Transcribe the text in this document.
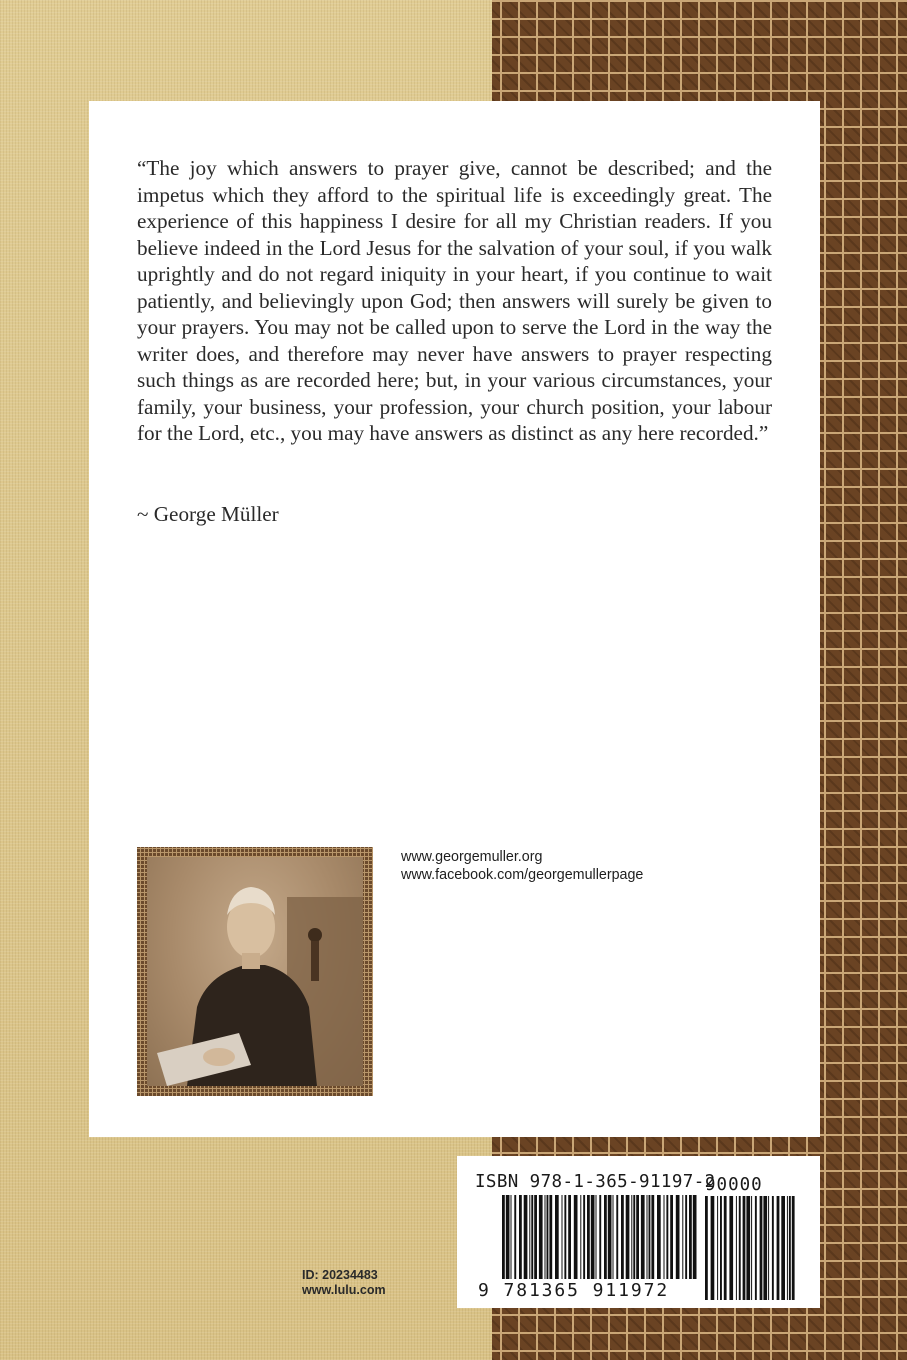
“The joy which answers to prayer give, cannot be described; and the impetus which they afford to the spiritual life is exceedingly great. The experience of this happiness I desire for all my Christian readers. If you believe indeed in the Lord Jesus for the salvation of your soul, if you walk uprightly and do not regard iniquity in your heart, if you continue to wait patiently, and believingly upon God; then answers will surely be given to your prayers. You may not be called upon to serve the Lord in the way the writer does, and therefore may never have answers to prayer respecting such things as are recorded here; but, in your various circumstances, your family, your business, your profession, your church position, your labour for the Lord, etc., you may have answers as distinct as any here recorded.”

~ George Müller
www.georgemuller.org
www.facebook.com/georgemullerpage
ISBN 978-1-365-91197-2
90000
9 781365 911972
ID: 20234483
www.lulu.com
